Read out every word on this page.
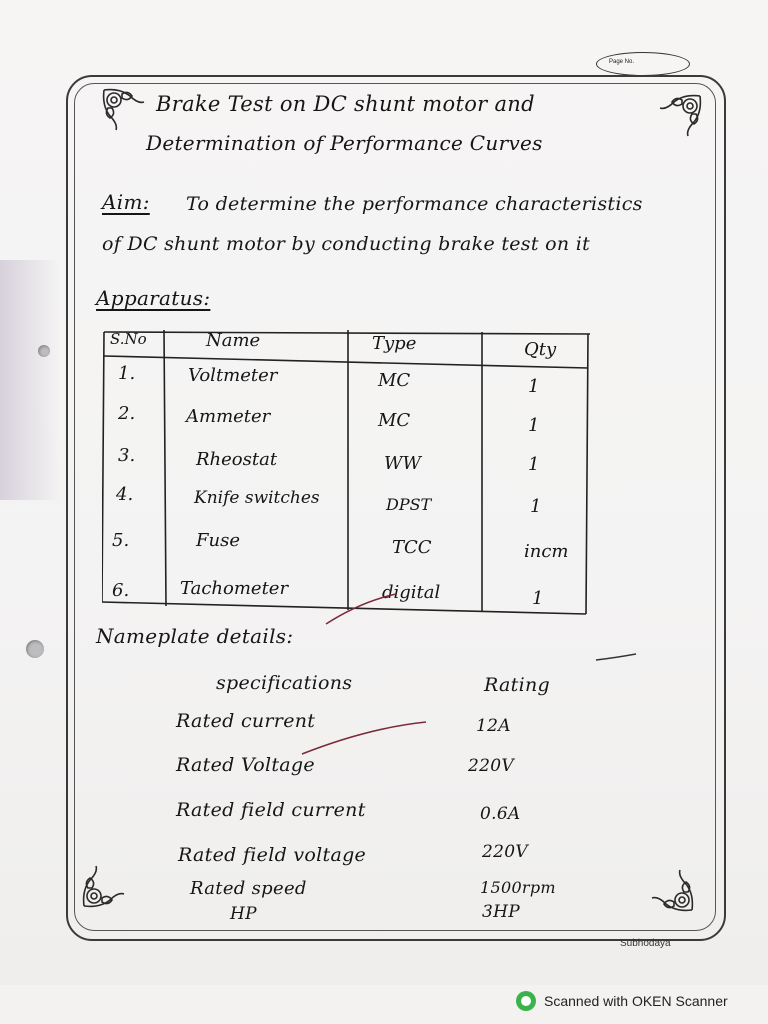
Page No.
Brake Test on DC shunt motor and
Determination of Performance Curves
Aim: To determine the performance characteristics
of DC shunt motor by conducting brake test on it
Apparatus:
S.No	Name	Type	Qty
1.	Voltmeter	MC	1
2.	Ammeter	MC	1
3.	Rheostat	WW	1
4.	Knife switches	DPST	1
5.	Fuse	TCC	incm
6.	Tachometer	digital	1
Nameplate details:
specifications	Rating
Rated current	12A
Rated Voltage	220V
Rated field current	0.6A
Rated field voltage	220V
Rated speed	1500rpm
HP	3HP
Subhodaya
Scanned with OKEN Scanner
